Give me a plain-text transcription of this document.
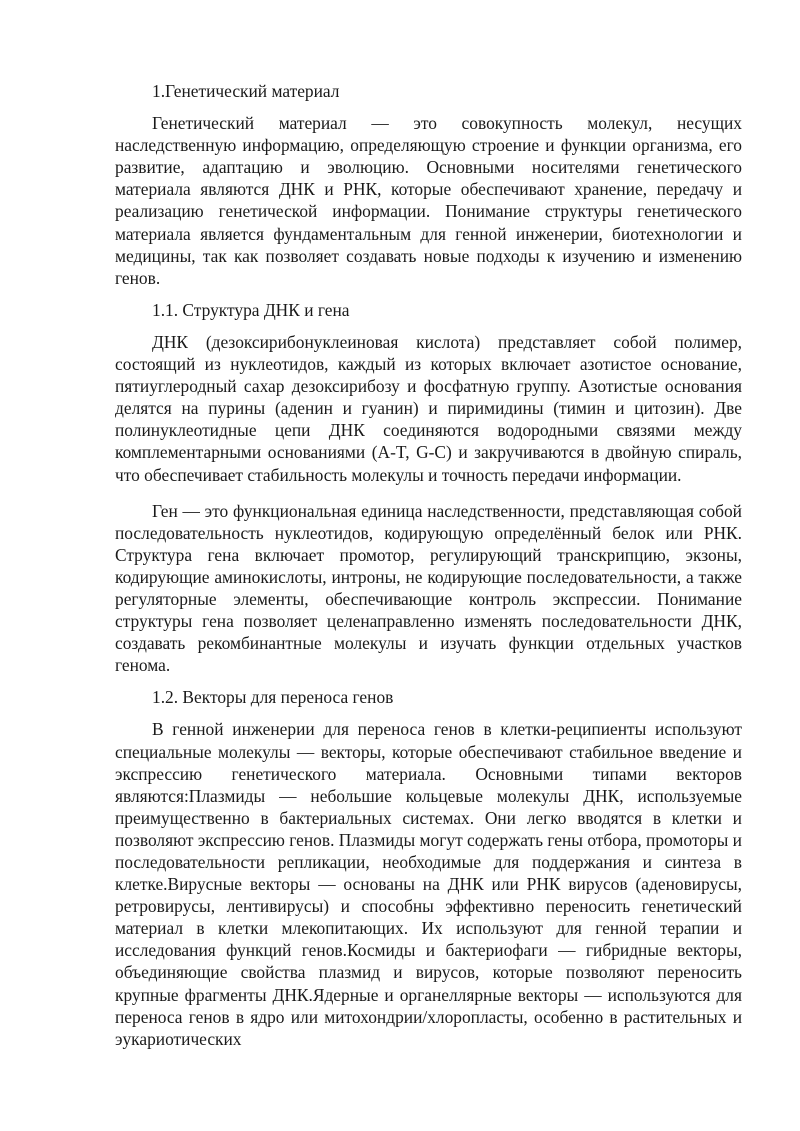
1.Генетический материал

Генетический материал — это совокупность молекул, несущих наследственную информацию, определяющую строение и функции организма, его развитие, адаптацию и эволюцию. Основными носителями генетического материала являются ДНК и РНК, которые обеспечивают хранение, передачу и реализацию генетической информации. Понимание структуры генетического материала является фундаментальным для генной инженерии, биотехнологии и медицины, так как позволяет создавать новые подходы к изучению и изменению генов.

1.1. Структура ДНК и гена

ДНК (дезоксирибонуклеиновая кислота) представляет собой полимер, состоящий из нуклеотидов, каждый из которых включает азотистое основание, пятиуглеродный сахар дезоксирибозу и фосфатную группу. Азотистые основания делятся на пурины (аденин и гуанин) и пиримидины (тимин и цитозин). Две полинуклеотидные цепи ДНК соединяются водородными связями между комплементарными основаниями (A-T, G-C) и закручиваются в двойную спираль, что обеспечивает стабильность молекулы и точность передачи информации.

Ген — это функциональная единица наследственности, представляющая собой последовательность нуклеотидов, кодирующую определённый белок или РНК. Структура гена включает промотор, регулирующий транскрипцию, экзоны, кодирующие аминокислоты, интроны, не кодирующие последовательности, а также регуляторные элементы, обеспечивающие контроль экспрессии. Понимание структуры гена позволяет целенаправленно изменять последовательности ДНК, создавать рекомбинантные молекулы и изучать функции отдельных участков генома.

1.2. Векторы для переноса генов

В генной инженерии для переноса генов в клетки-реципиенты используют специальные молекулы — векторы, которые обеспечивают стабильное введение и экспрессию генетического материала. Основными типами векторов являются:Плазмиды — небольшие кольцевые молекулы ДНК, используемые преимущественно в бактериальных системах. Они легко вводятся в клетки и позволяют экспрессию генов. Плазмиды могут содержать гены отбора, промоторы и последовательности репликации, необходимые для поддержания и синтеза в клетке.Вирусные векторы — основаны на ДНК или РНК вирусов (аденовирусы, ретровирусы, лентивирусы) и способны эффективно переносить генетический материал в клетки млекопитающих. Их используют для генной терапии и исследования функций генов.Космиды и бактериофаги — гибридные векторы, объединяющие свойства плазмид и вирусов, которые позволяют переносить крупные фрагменты ДНК.Ядерные и органеллярные векторы — используются для переноса генов в ядро или митохондрии/хлоропласты, особенно в растительных и эукариотических
